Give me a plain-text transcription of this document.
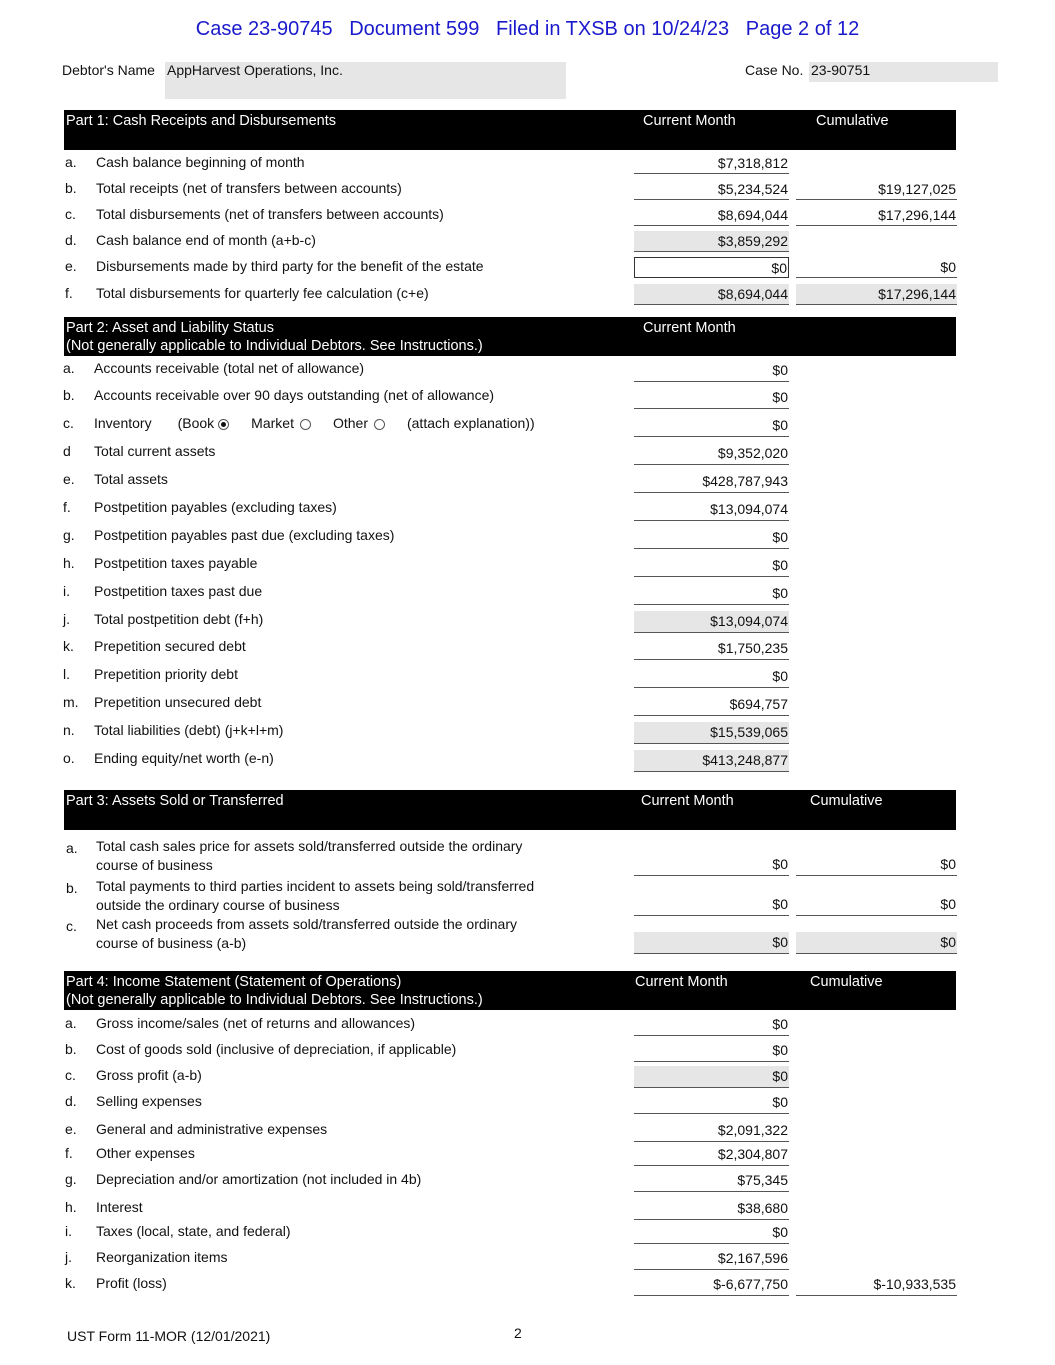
Case 23-90745   Document 599   Filed in TXSB on 10/24/23   Page 2 of 12
Debtor's Name AppHarvest Operations, Inc.	Case No. 23-90751
Part 1: Cash Receipts and Disbursements	Current Month	Cumulative
a. Cash balance beginning of month	$7,318,812
b. Total receipts (net of transfers between accounts)	$5,234,524	$19,127,025
c. Total disbursements (net of transfers between accounts)	$8,694,044	$17,296,144
d. Cash balance end of month (a+b-c)	$3,859,292
e. Disbursements made by third party for the benefit of the estate	$0	$0
f. Total disbursements for quarterly fee calculation (c+e)	$8,694,044	$17,296,144
Part 2: Asset and Liability Status
(Not generally applicable to Individual Debtors. See Instructions.)
Current Month
a. Accounts receivable (total net of allowance)	$0
b. Accounts receivable over 90 days outstanding (net of allowance)	$0
c. Inventory (Book	Market	Other	(attach explanation))	$0
d Total current assets	$9,352,020
e. Total assets	$428,787,943
f. Postpetition payables (excluding taxes)	$13,094,074
g. Postpetition payables past due (excluding taxes)	$0
h. Postpetition taxes payable	$0
i. Postpetition taxes past due	$0
j. Total postpetition debt (f+h)	$13,094,074
k. Prepetition secured debt	$1,750,235
l. Prepetition priority debt	$0
m. Prepetition unsecured debt	$694,757
n. Total liabilities (debt) (j+k+l+m)	$15,539,065
o. Ending equity/net worth (e-n)	$413,248,877
Part 3: Assets Sold or Transferred	Current Month	Cumulative
a. Total cash sales price for assets sold/transferred outside the ordinary
course of business	$0	$0
b. Total payments to third parties incident to assets being sold/transferred
outside the ordinary course of business	$0	$0
c. Net cash proceeds from assets sold/transferred outside the ordinary
course of business (a-b)	$0	$0
Part 4: Income Statement (Statement of Operations)
(Not generally applicable to Individual Debtors. See Instructions.)
Current Month	Cumulative
a. Gross income/sales (net of returns and allowances)	$0
b. Cost of goods sold (inclusive of depreciation, if applicable)	$0
c. Gross profit (a-b)	$0
d. Selling expenses	$0
e. General and administrative expenses	$2,091,322
f. Other expenses	$2,304,807
g. Depreciation and/or amortization (not included in 4b)	$75,345
h. Interest	$38,680
i. Taxes (local, state, and federal)	$0
j. Reorganization items	$2,167,596
k. Profit (loss)	$-6,677,750	$-10,933,535
UST Form 11-MOR (12/01/2021)	2
